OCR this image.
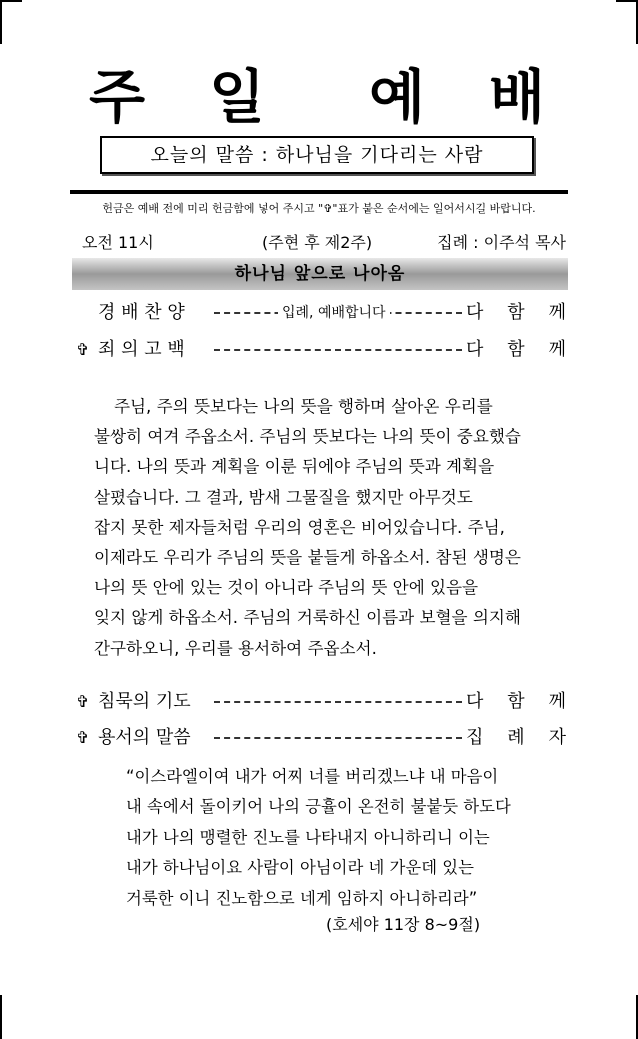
주 일 예 배
오늘의 말씀 : 하나님을 기다리는 사람
헌금은 예배 전에 미리 헌금함에 넣어 주시고 "✞"표가 붙은 순서에는 일어서시길 바랍니다.
오전 11시	(주현 후 제2주)	집례 : 이주석 목사
하나님 앞으로 나아옴
경 배 찬 양	입례, 예배합니다	다 함 께
✞ 죄 의 고 백	다 함 께

주님, 주의 뜻보다는 나의 뜻을 행하며 살아온 우리를

불쌍히 여겨 주옵소서. 주님의 뜻보다는 나의 뜻이 중요했습

니다. 나의 뜻과 계획을 이룬 뒤에야 주님의 뜻과 계획을

살폈습니다. 그 결과, 밤새 그물질을 했지만 아무것도

잡지 못한 제자들처럼 우리의 영혼은 비어있습니다. 주님,

이제라도 우리가 주님의 뜻을 붙들게 하옵소서. 참된 생명은

나의 뜻 안에 있는 것이 아니라 주님의 뜻 안에 있음을

잊지 않게 하옵소서. 주님의 거룩하신 이름과 보혈을 의지해

간구하오니, 우리를 용서하여 주옵소서.

✞ 침묵의 기도	다 함 께
✞ 용서의 말씀	집 례 자

“이스라엘이여 내가 어찌 너를 버리겠느냐 내 마음이

내 속에서 돌이키어 나의 긍휼이 온전히 불붙듯 하도다

내가 나의 맹렬한 진노를 나타내지 아니하리니 이는

내가 하나님이요 사람이 아님이라 네 가운데 있는

거룩한 이니 진노함으로 네게 임하지 아니하리라”

(호세야 11장 8~9절)
